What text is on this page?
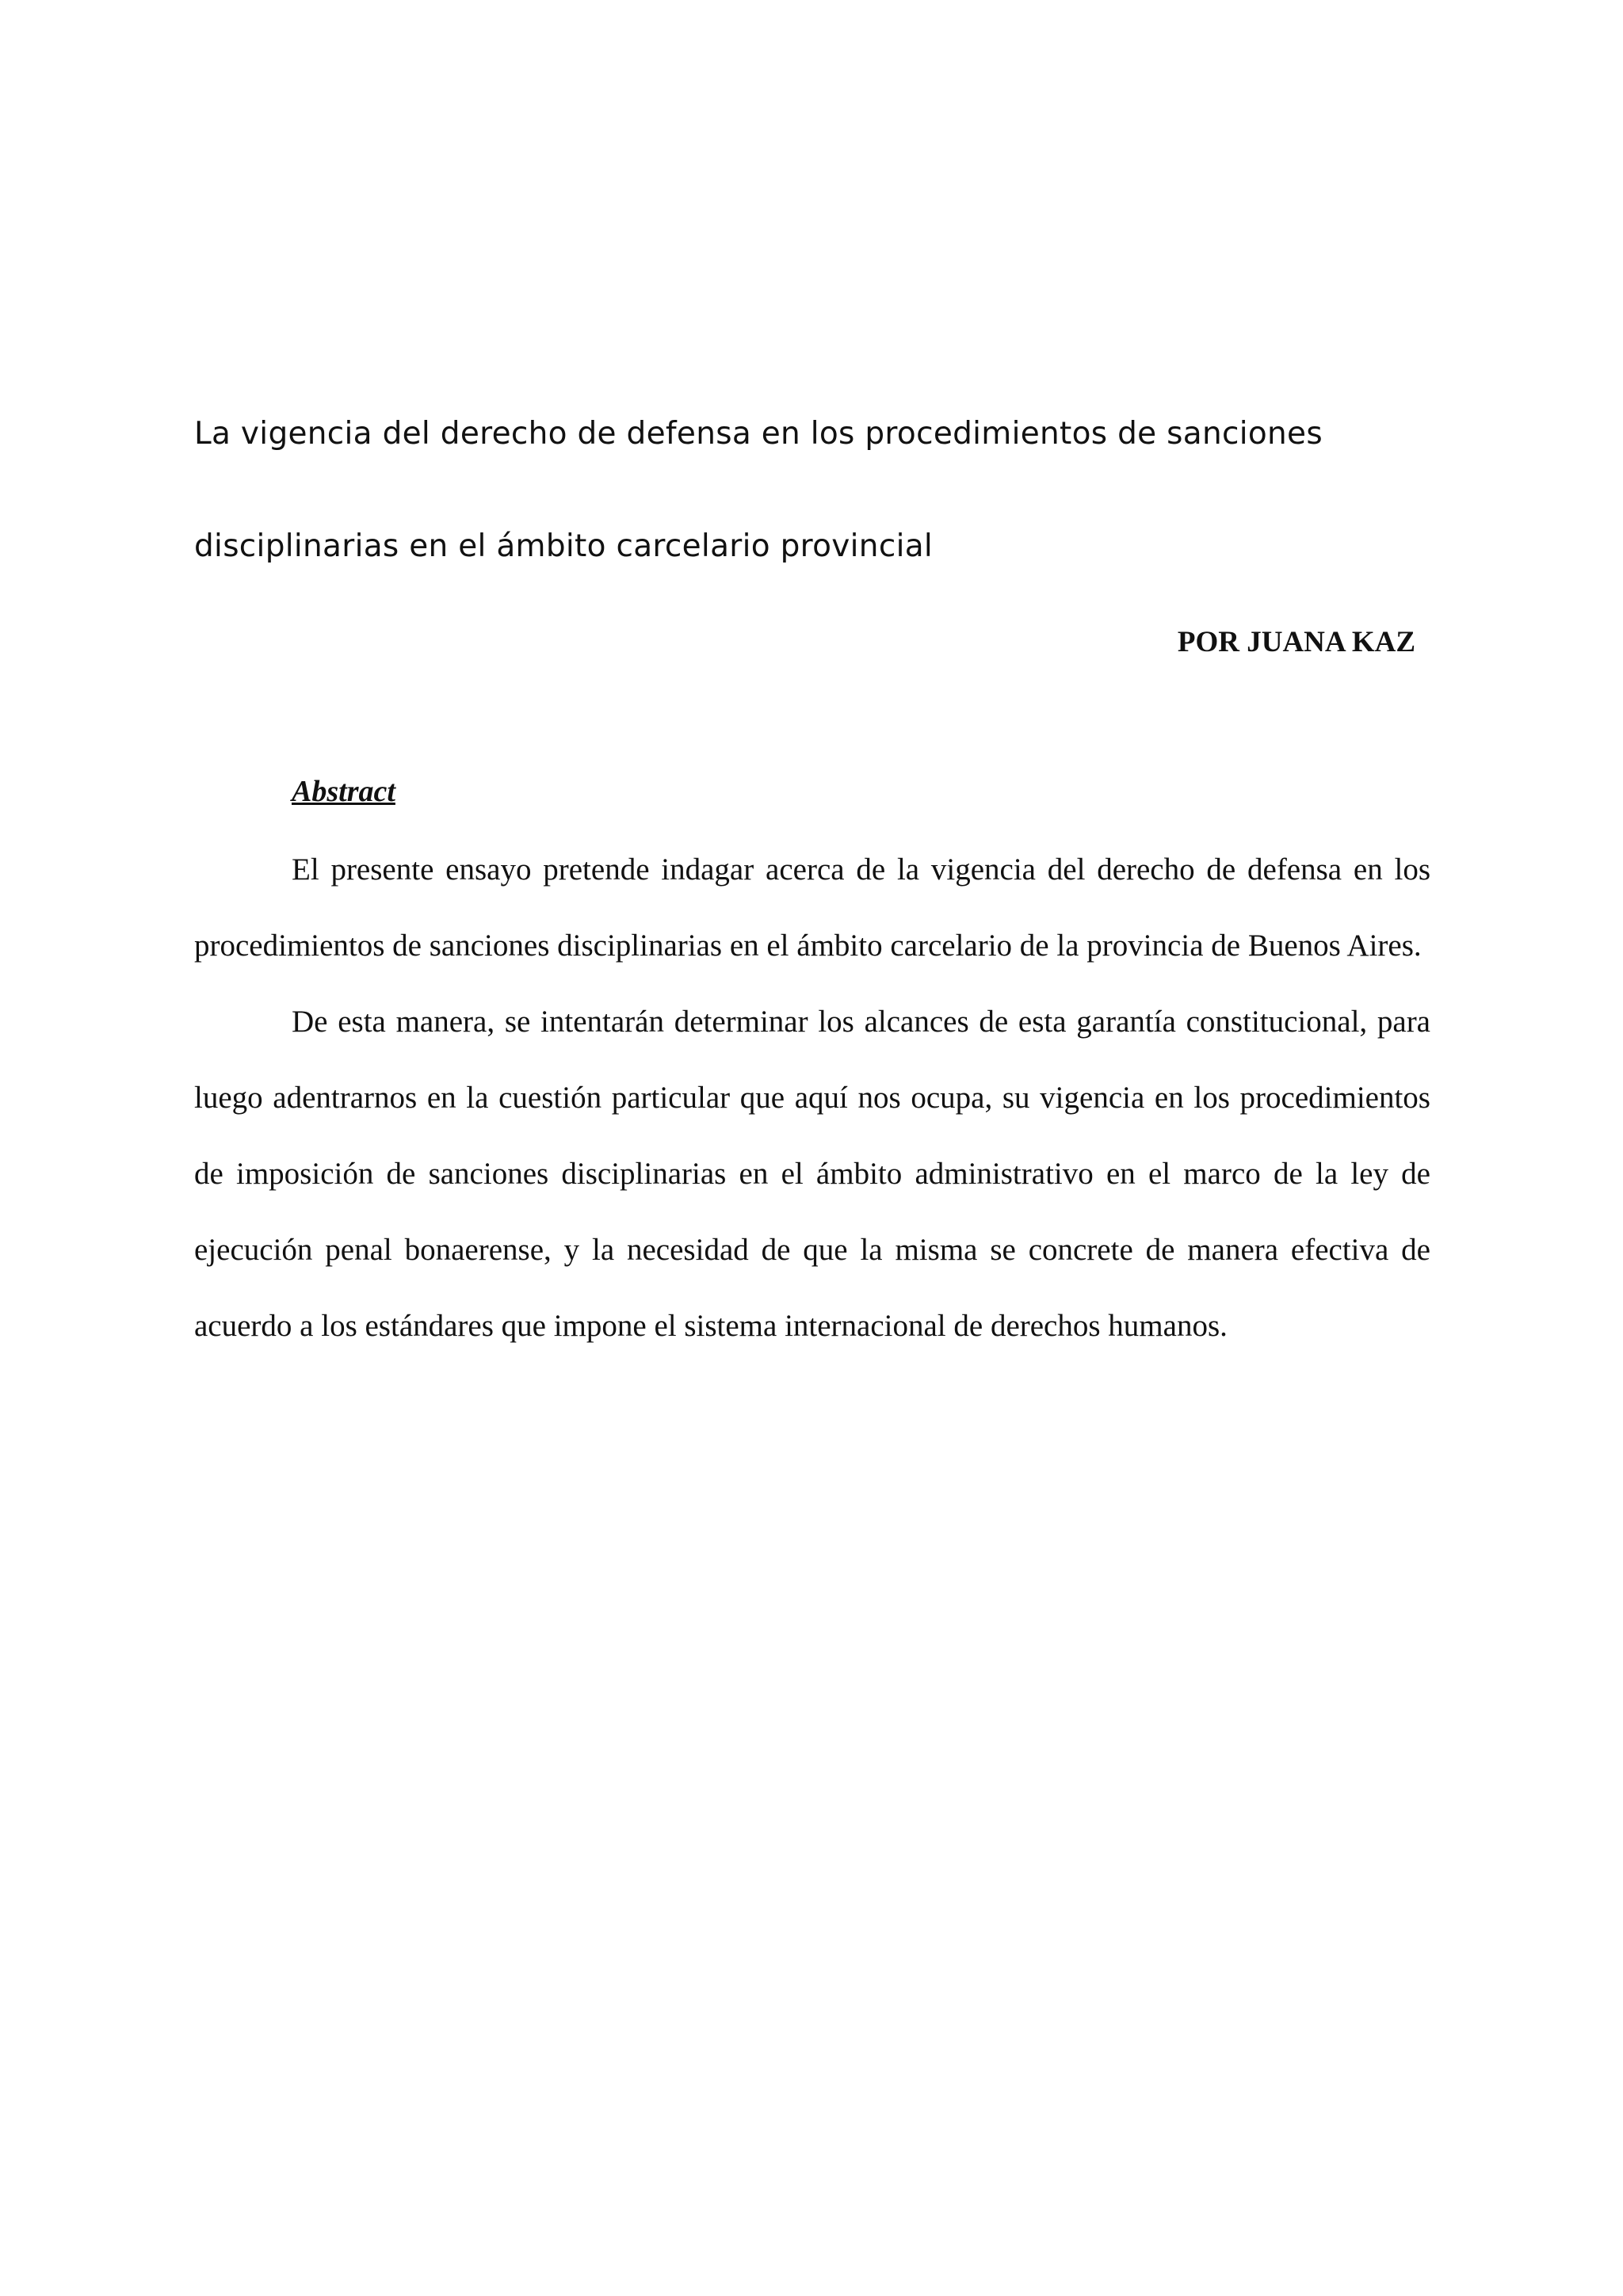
La vigencia del derecho de defensa en los procedimientos de sanciones
disciplinarias en el ámbito carcelario provincial
POR JUANA KAZ
Abstract

El presente ensayo pretende indagar acerca de la vigencia del derecho de defensa en los procedimientos de sanciones disciplinarias en el ámbito carcelario de la provincia de Buenos Aires.

De esta manera, se intentarán determinar los alcances de esta garantía constitucional, para luego adentrarnos en la cuestión particular que aquí nos ocupa, su vigencia en los procedimientos de imposición de sanciones disciplinarias en el ámbito administrativo en el marco de la ley de ejecución penal bonaerense, y la necesidad de que la misma se concrete de manera efectiva de acuerdo a los estándares que impone el sistema internacional de derechos humanos.
